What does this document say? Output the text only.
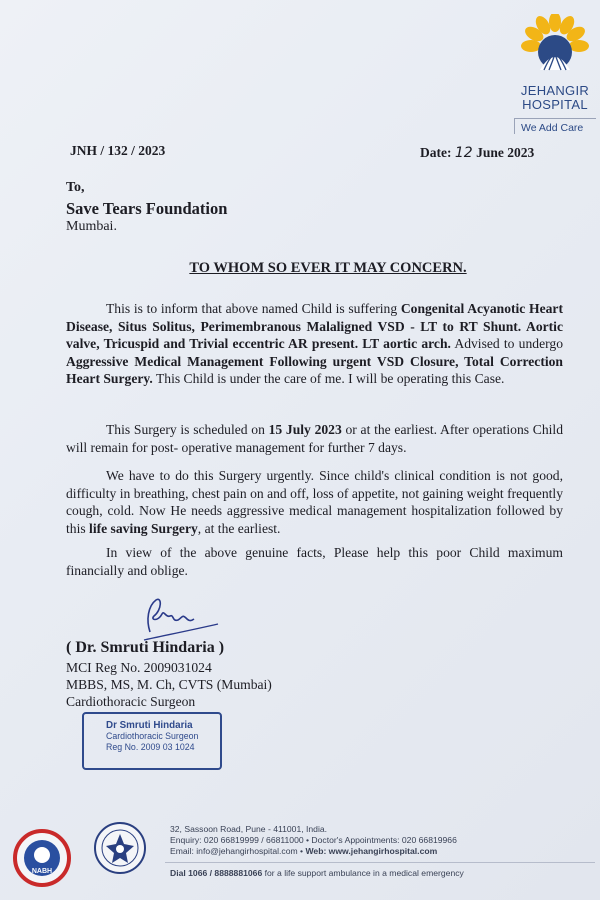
JEHANGIR
HOSPITAL
We Add Care
JNH / 132 / 2023	Date: 12 June 2023
To,
Save Tears Foundation
Mumbai.
TO WHOM SO EVER IT MAY CONCERN.
This is to inform that above named Child is suffering Congenital Acyanotic Heart Disease, Situs Solitus, Perimembranous Malaligned VSD - LT to RT Shunt. Aortic valve, Tricuspid and Trivial eccentric AR present. LT aortic arch. Advised to undergo Aggressive Medical Management Following urgent VSD Closure, Total Correction Heart Surgery. This Child is under the care of me. I will be operating this Case.
This Surgery is scheduled on 15 July 2023 or at the earliest. After operations Child will remain for post- operative management for further 7 days.
We have to do this Surgery urgently. Since child's clinical condition is not good, difficulty in breathing, chest pain on and off, loss of appetite, not gaining weight frequently cough, cold. Now He needs aggressive medical management hospitalization followed by this life saving Surgery, at the earliest.
In view of the above genuine facts, Please help this poor Child maximum financially and oblige.
( Dr. Smruti Hindaria )
MCI Reg No. 2009031024
MBBS, MS, M. Ch, CVTS (Mumbai)
Cardiothoracic Surgeon
Dr Smruti Hindaria
Cardiothoracic Surgeon
Reg No. 2009 03 1024
NABH
32, Sassoon Road, Pune - 411001, India.
Enquiry: 020 66819999 / 66811000 • Doctor's Appointments: 020 66819966
Email: info@jehangirhospital.com • Web: www.jehangirhospital.com
Dial 1066 / 8888881066 for a life support ambulance in a medical emergency
